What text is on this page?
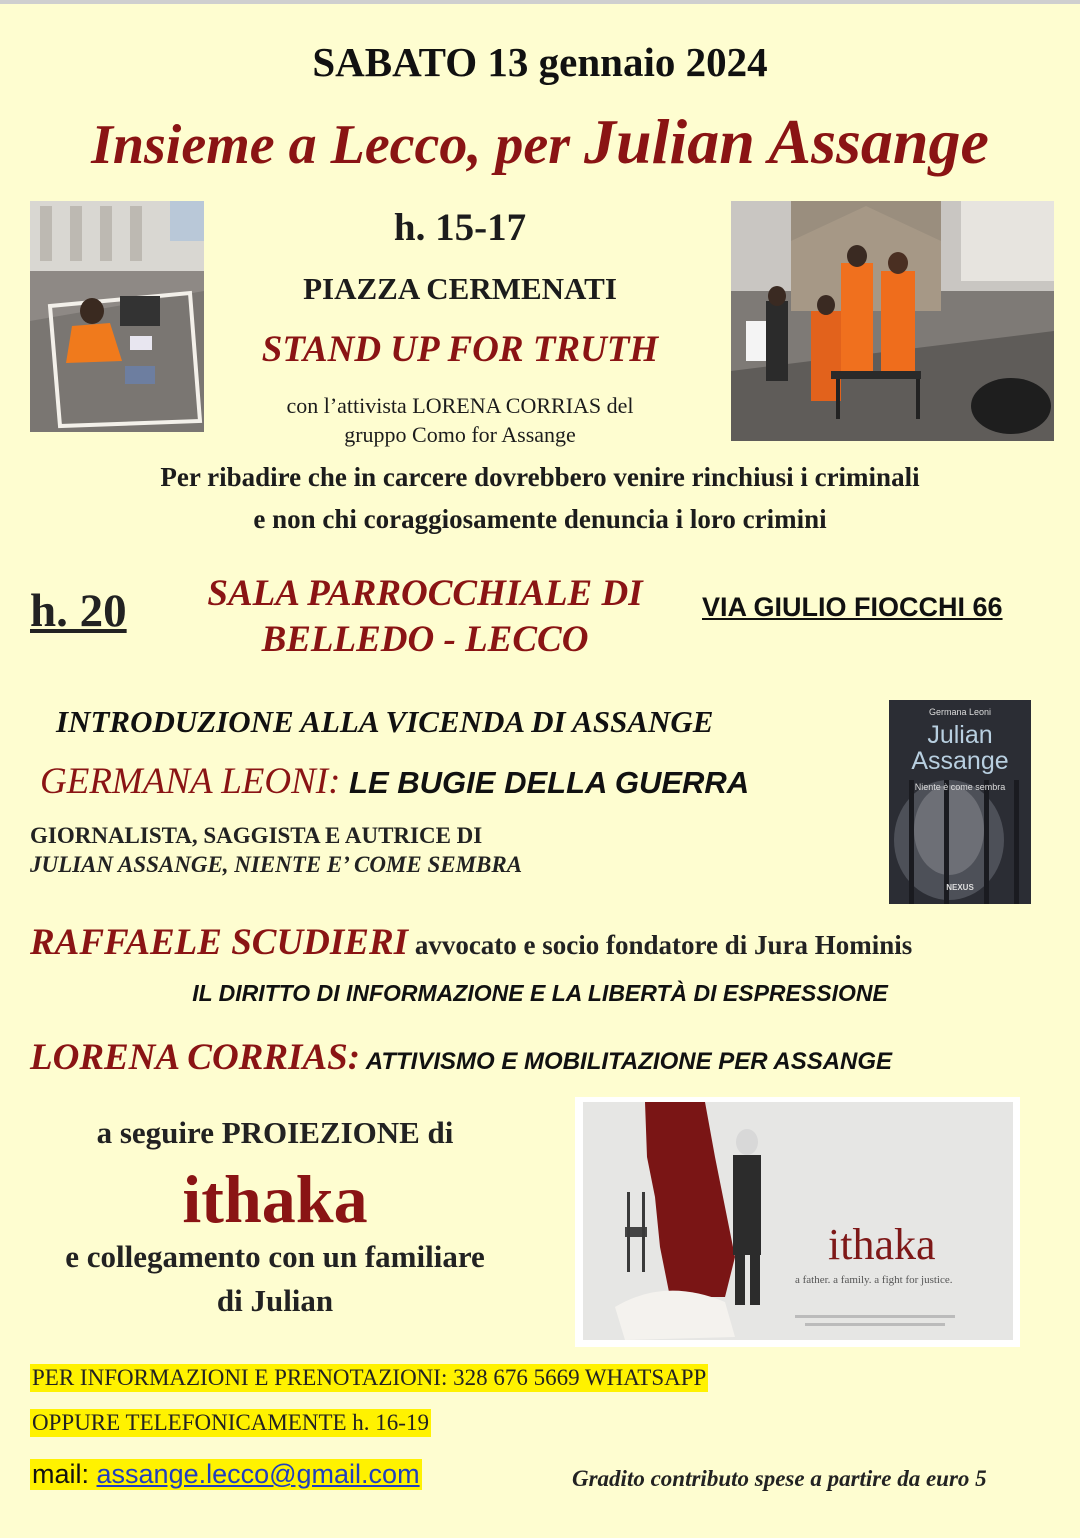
SABATO 13 gennaio 2024
Insieme a Lecco, per Julian Assange
h. 15-17
PIAZZA CERMENATI
STAND UP FOR TRUTH
con l’attivista LORENA CORRIAS del
gruppo Como for Assange
Per ribadire che in carcere dovrebbero venire rinchiusi i criminali
e non chi coraggiosamente denuncia i loro crimini
h. 20	SALA PARROCCHIALE DI
BELLEDO - LECCO
VIA GIULIO FIOCCHI 66
INTRODUZIONE ALLA VICENDA DI ASSANGE
GERMANA LEONI: LE BUGIE DELLA GUERRA
GIORNALISTA, SAGGISTA E AUTRICE DI
JULIAN ASSANGE, NIENTE E’ COME SEMBRA
Germana Leoni
Julian
Assange
Niente è come sembra
NEXUS
RAFFAELE SCUDIERI avvocato e socio fondatore di Jura Hominis
IL DIRITTO DI INFORMAZIONE E LA LIBERTÀ DI ESPRESSIONE
LORENA CORRIAS: ATTIVISMO E MOBILITAZIONE PER ASSANGE
a seguire PROIEZIONE di
ithaka
e collegamento con un familiare
di Julian
ithaka
a father. a family. a fight for justice.
PER INFORMAZIONI E PRENOTAZIONI: 328 676 5669 WHATSAPP
OPPURE TELEFONICAMENTE h. 16-19
mail: assange.lecco@gmail.com	Gradito contributo spese a partire da euro 5
